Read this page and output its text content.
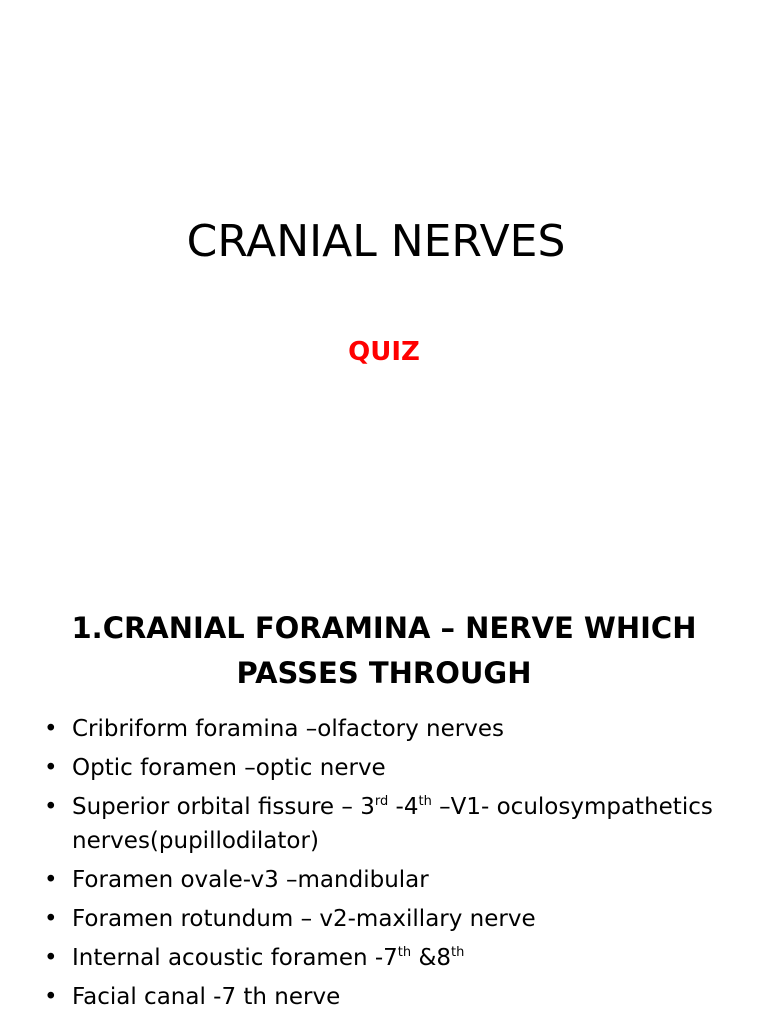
CRANIAL NERVES
QUIZ
1.CRANIAL FORAMINA – NERVE WHICH PASSES THROUGH
• Cribriform foramina –olfactory nerves
• Optic foramen –optic nerve
• Superior orbital fissure – 3rd -4th –V1- oculosympathetics nerves(pupillodilator)
• Foramen ovale-v3 –mandibular
• Foramen rotundum – v2-maxillary nerve
• Internal acoustic foramen -7th &8th
• Facial canal -7 th nerve
